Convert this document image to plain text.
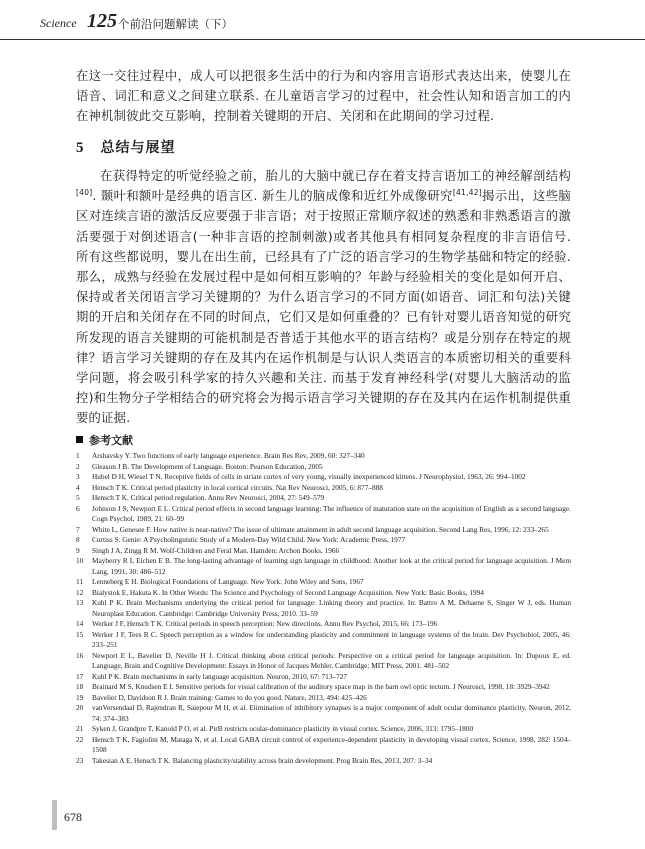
Science 125 个前沿问题解读（下）

在这一交往过程中，成人可以把很多生活中的行为和内容用言语形式表达出来，使婴儿在语音、词汇和意义之间建立联系. 在儿童语言学习的过程中，社会性认知和语言加工的内在神机制彼此交互影响，控制着关键期的开启、关闭和在此期间的学习过程.

5 总结与展望

在获得特定的听觉经验之前，胎儿的大脑中就已存在着支持言语加工的神经解剖结构[40]. 颞叶和额叶是经典的语言区. 新生儿的脑成像和近红外成像研究[41,42]揭示出，这些脑区对连续言语的激活反应要强于非言语；对于按照正常顺序叙述的熟悉和非熟悉语言的激活要强于对倒述语言(一种非言语的控制刺激)或者其他具有相同复杂程度的非言语信号. 所有这些都说明，婴儿在出生前，已经具有了广泛的语言学习的生物学基础和特定的经验. 那么，成熟与经验在发展过程中是如何相互影响的？年龄与经验相关的变化是如何开启、保持或者关闭语言学习关键期的？为什么语言学习的不同方面(如语音、词汇和句法)关键期的开启和关闭存在不同的时间点，它们又是如何重叠的？已有针对婴儿语音知觉的研究所发现的语言关键期的可能机制是否普适于其他水平的语言结构？或是分别存在特定的规律？语言学习关键期的存在及其内在运作机制是与认识人类语言的本质密切相关的重要科学问题，将会吸引科学家的持久兴趣和关注. 而基于发育神经科学(对婴儿大脑活动的监控)和生物分子学相结合的研究将会为揭示语言学习关键期的存在及其内在运作机制提供重要的证据.

参考文献
1 Arshavsky Y. Two functions of early language experience. Brain Res Rev, 2009, 60: 327–340
2 Gleason J B. The Development of Language. Boston: Pearson Education, 2005
3 Hubel D H, Wiesel T N. Receptive fields of cells in striate cortex of very young, visually inexperienced kittens. J Neurophysiol, 1963, 26: 994–1002
4 Hensch T K. Critical period plasticity in local cortical circuits. Nat Rev Neurosci, 2005, 6: 877–888
5 Hensch T K. Critical period regulation. Annu Rev Neurosci, 2004, 27: 549–579
6 Johnson J S, Newport E L. Critical period effects in second language learning: The influence of maturation state on the acquisition of English as a second language. Cogn Psychol, 1989, 21: 60–99
7 White L, Genesee F. How native is near-native? The issue of ultimate attainment in adult second language acquisition. Second Lang Res, 1996, 12: 233–265
8 Curtiss S. Genie: A Psycholinguistic Study of a Modern-Day Wild Child. New York: Academic Press, 1977
9 Singh J A, Zingg R M. Wolf-Children and Feral Man. Hamden: Archon Books, 1966
10 Mayberry R I, Eichen E B. The long-lasting advantage of learning sign language in childhood: Another look at the critical period for language acquisition. J Mem Lang, 1991, 30: 486–512
11 Lenneberg E H. Biological Foundations of Language. New York: John Wiley and Sons, 1967
12 Bialystok E, Hakuta K. In Other Words: The Science and Psychology of Second Language Acquisition. New York: Basic Books, 1994
13 Kuhl P K. Brain Mechanisms underlying the critical period for language: Linking theory and practice. In: Battro A M, Dehaene S, Singer W J, eds. Human Neuroplast Education. Cambridge: Cambridge University Press, 2010. 33–59
14 Werker J F, Hensch T K. Critical periods in speech perception: New directions. Annu Rev Psychol, 2015, 66: 173–196
15 Werker J F, Tees R C. Speech perception as a window for understanding plasticity and commitment in language systems of the brain. Dev Psychobiol, 2005, 46: 233–251
16 Newport E L, Bavelier D, Neville H J. Critical thinking about critical periods: Perspective on a critical period for language acquisition. In: Dupoux E, ed. Language, Brain and Cognitive Development: Essays in Honor of Jacques Mehler. Cambridge: MIT Press, 2001. 481–502
17 Kuhl P K. Brain mechanisms in early language acquisition. Neuron, 2010, 67: 713–727
18 Brainard M S, Knudsen E I. Sensitive periods for visual calibration of the auditory space map in the barn owl optic tectum. J Neurosci, 1998, 18: 3929–3942
19 Bavelier D, Davidson R J. Brain training: Games to do you good. Nature, 2013, 494: 425–426
20 vanVersendaal D, Rajendran R, Saiepour M H, et al. Elimination of inhibitory synapses is a major component of adult ocular dominance plasticity. Neuron, 2012, 74: 374–383
21 Syken J, Grandpre T, Kanold P O, et al. PirB restricts ocular-dominance plasticity in visual cortex. Science, 2006, 313: 1795–1800
22 Hensch T K, Fagiolini M, Mataga N, et al. Local GABA circuit control of experience-dependent plasticity in developing visual cortex. Science, 1998, 282: 1504–1508
23 Takesian A E, Hensch T K. Balancing plasticity/stability across brain development. Prog Brain Res, 2013, 207: 3–34
678
